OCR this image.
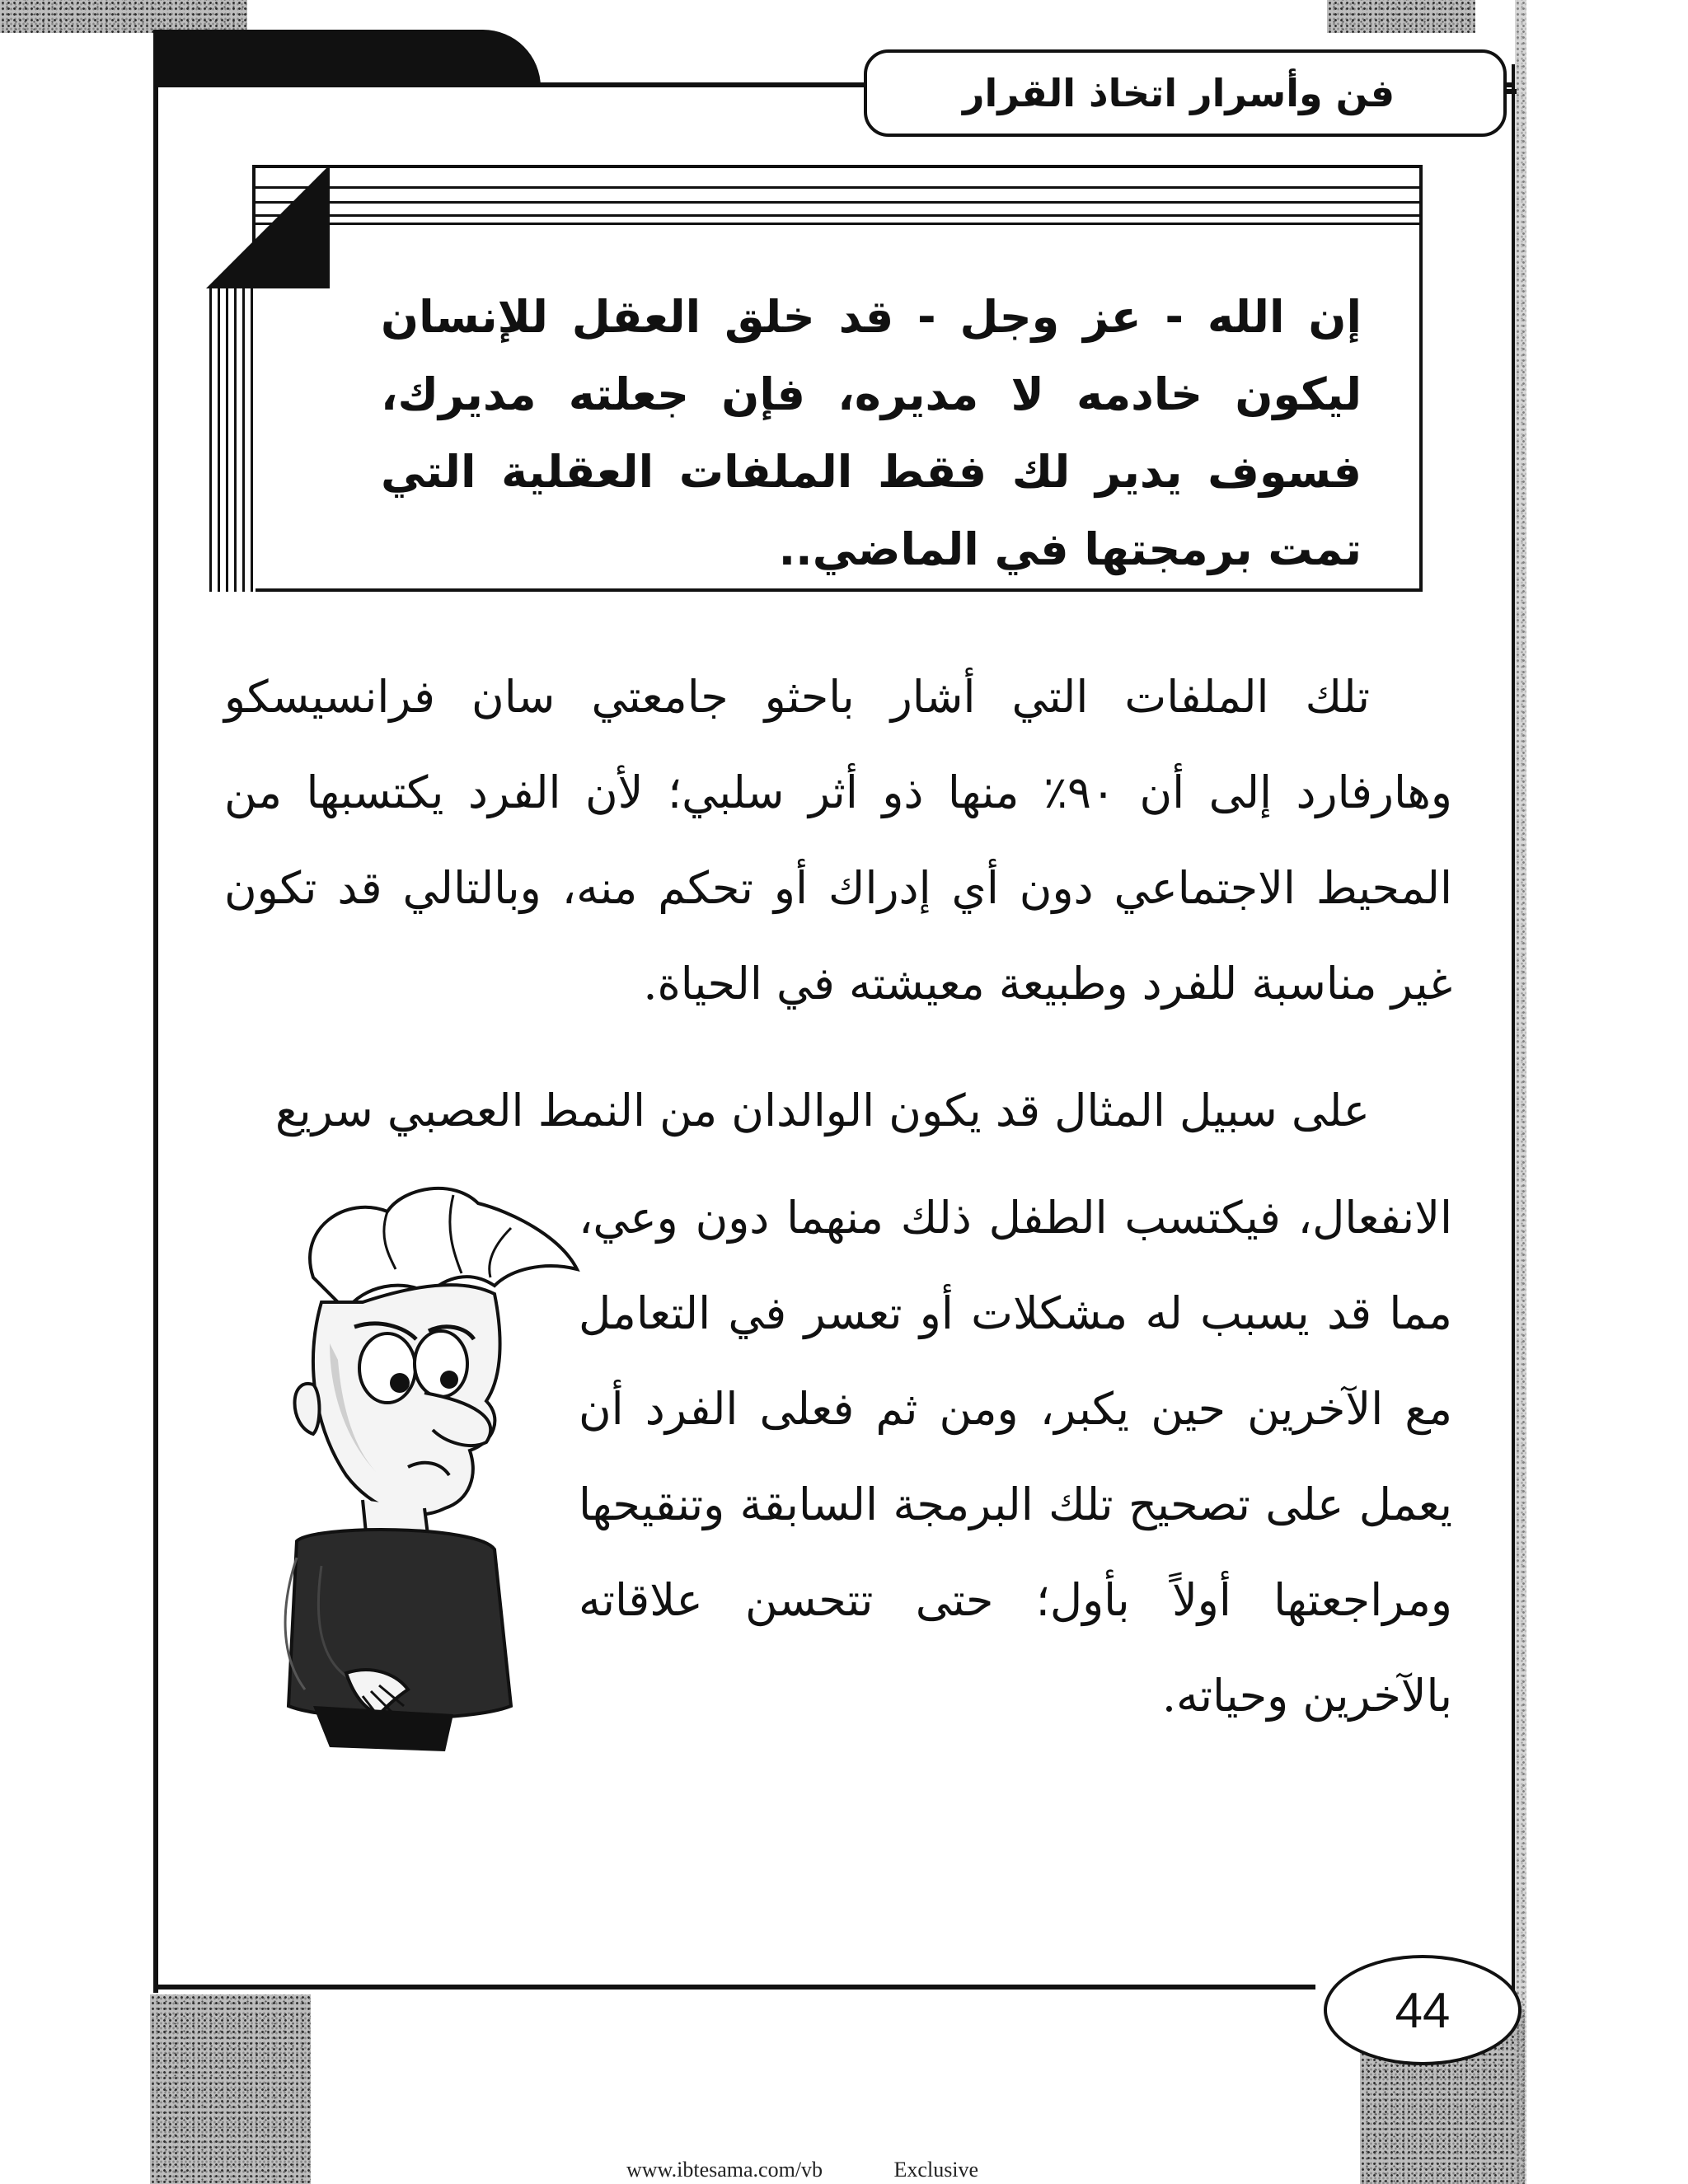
فن وأسرار اتخاذ القرار

إن الله - عز وجل - قد خلق العقل للإنسان ليكون خادمه لا مديره، فإن جعلته مديرك، فسوف يدير لك فقط الملفات العقلية التي تمت برمجتها في الماضي..

تلك الملفات التي أشار باحثو جامعتي سان فرانسيسكو وهارفارد إلى أن ٩٠٪ منها ذو أثر سلبي؛ لأن الفرد يكتسبها من المحيط الاجتماعي دون أي إدراك أو تحكم منه، وبالتالي قد تكون غير مناسبة للفرد وطبيعة معيشته في الحياة.

على سبيل المثال قد يكون الوالدان من النمط العصبي سريع

الانفعال، فيكتسب الطفل ذلك منهما دون وعي، مما قد يسبب له مشكلات أو تعسر في التعامل مع الآخرين حين يكبر، ومن ثم فعلى الفرد أن يعمل على تصحيح تلك البرمجة السابقة وتنقيحها ومراجعتها أولاً بأول؛ حتى تتحسن علاقاته بالآخرين وحياته.

44
www.ibtesama.com/vb	Exclusive
